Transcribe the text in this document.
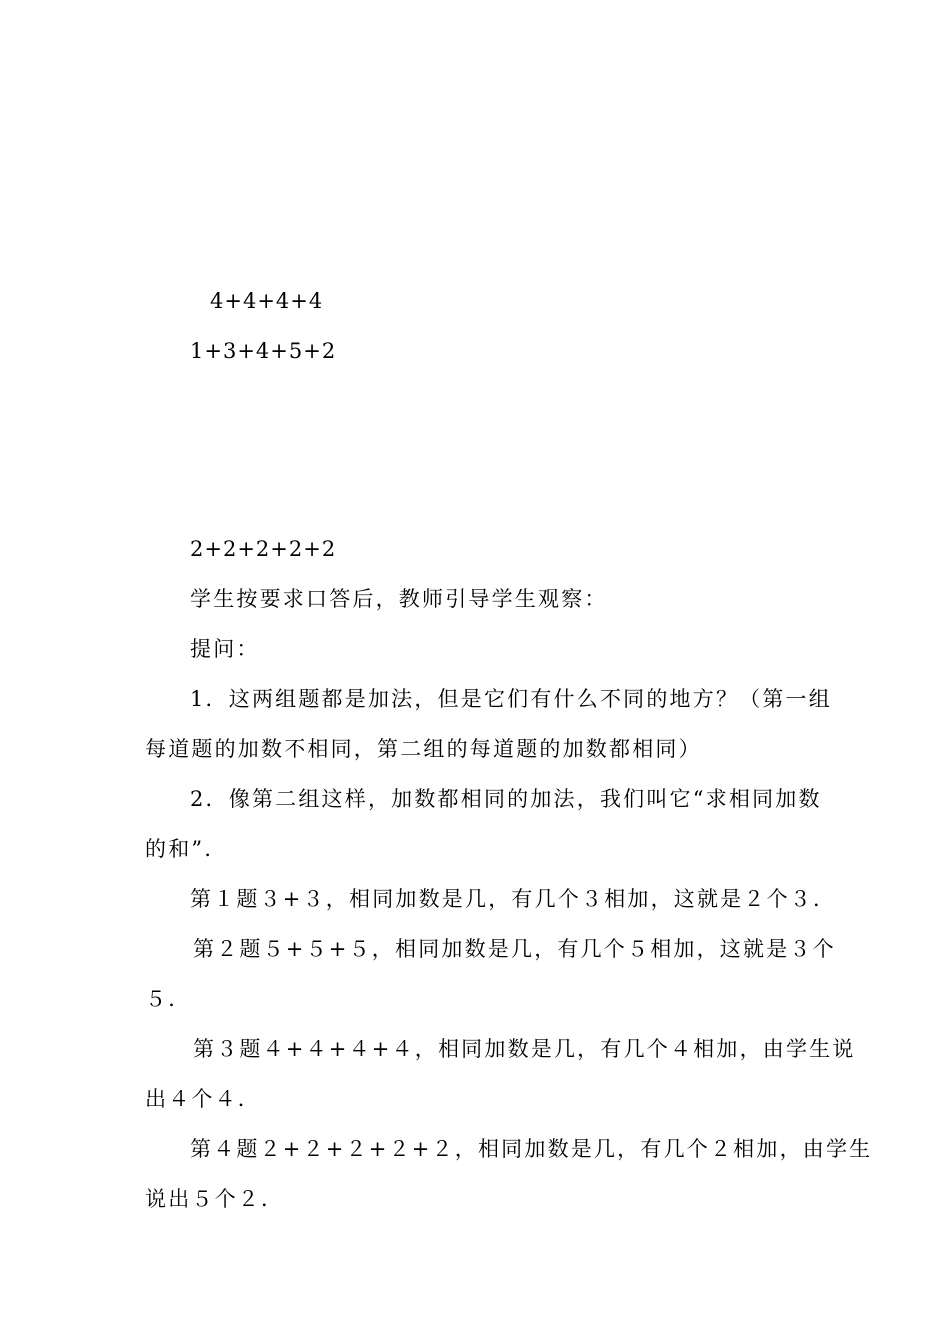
4+4+4+4
1+3+4+5+2
2+2+2+2+2
学生按要求口答后，教师引导学生观察：
提问：
1．这两组题都是加法，但是它们有什么不同的地方？（第一组
每道题的加数不相同，第二组的每道题的加数都相同）
2．像第二组这样，加数都相同的加法，我们叫它“求相同加数
的和”．
第１题３+３，相同加数是几，有几个３相加，这就是２个３．
第２题５+５+５，相同加数是几，有几个５相加，这就是３个
５．
第３题４+４+４+４，相同加数是几，有几个４相加，由学生说
出４个４．
第４题２+２+２+２+２，相同加数是几，有几个２相加，由学生
说出５个２．
